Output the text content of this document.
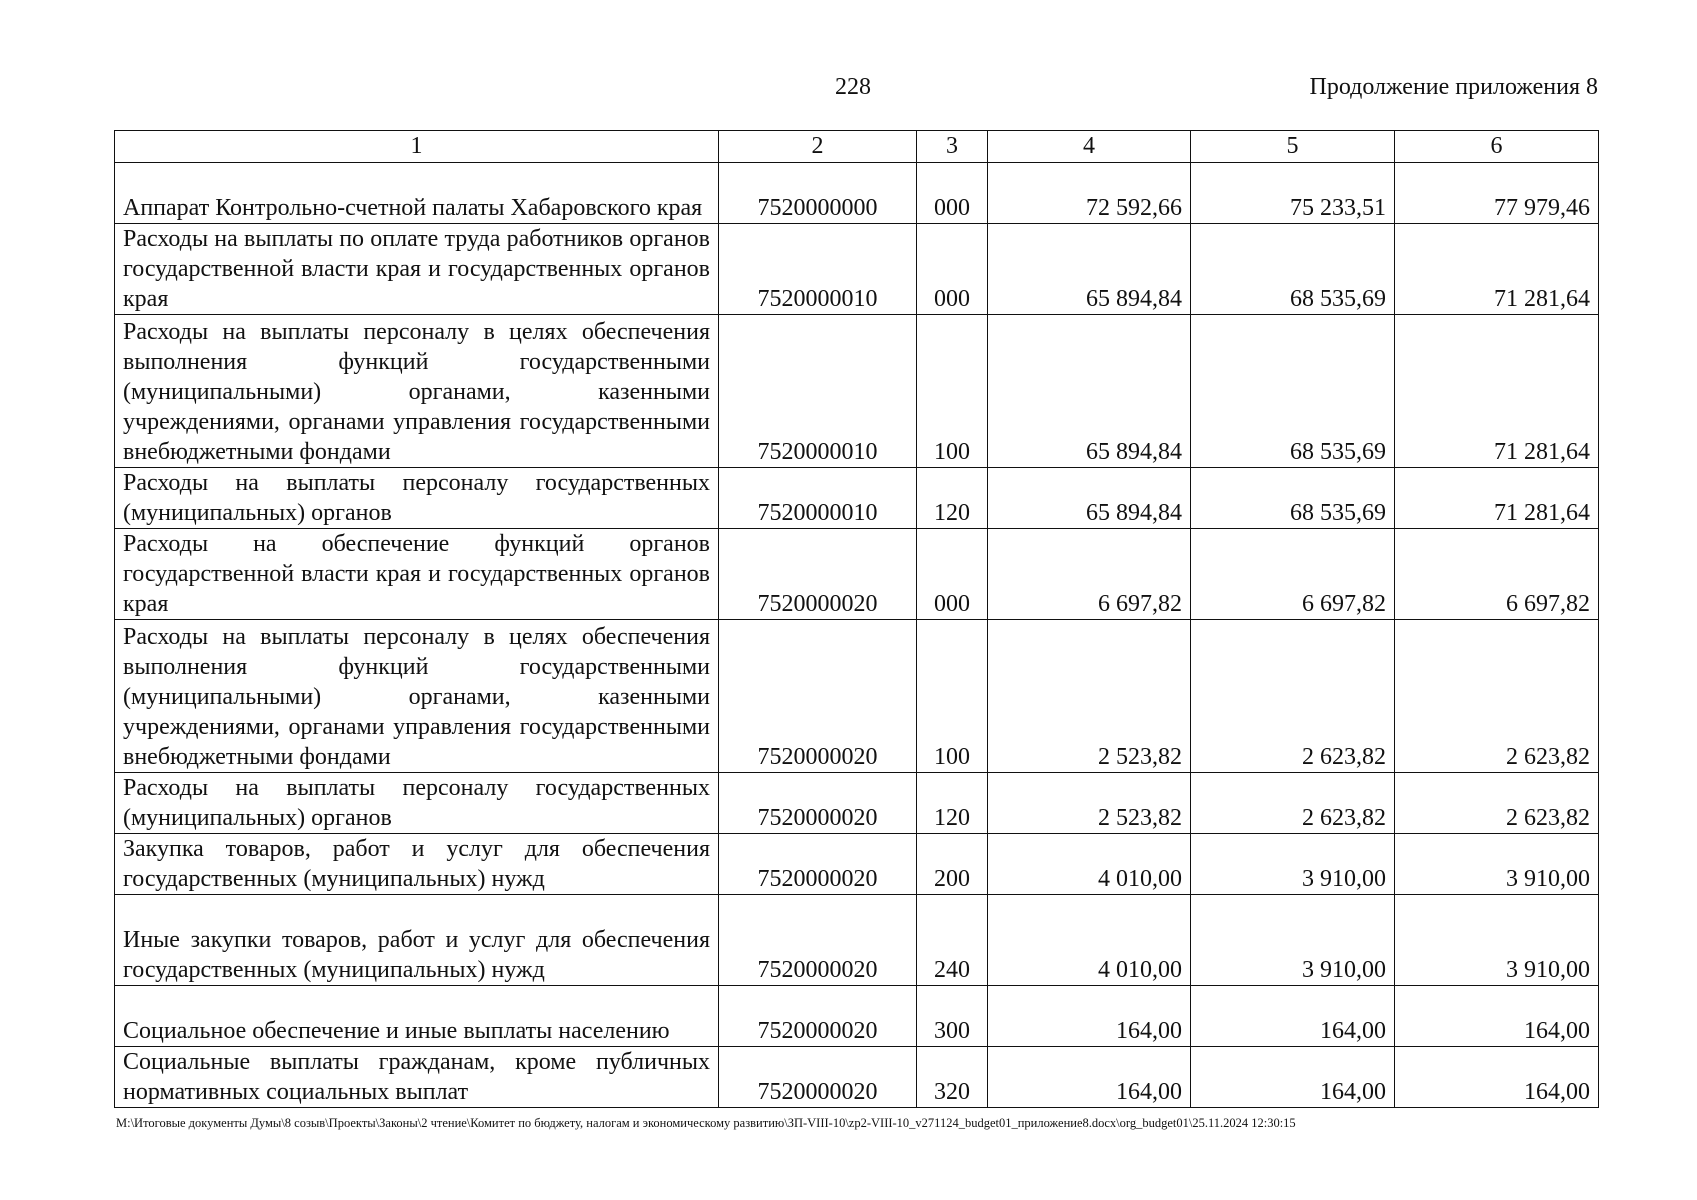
228	Продолжение приложения 8
1	2	3	4	5	6
Аппарат Контрольно-счетной палаты Хабаровского края	7520000000	000	72 592,66	75 233,51	77 979,46
Расходы на выплаты по оплате труда работников органов государственной власти края и государственных органов края	7520000010	000	65 894,84	68 535,69	71 281,64
Расходы на выплаты персоналу в целях обеспечения выполнения функций государственными (муниципальными) органами, казенными учреждениями, органами управления государственными внебюджетными фондами	7520000010	100	65 894,84	68 535,69	71 281,64
Расходы на выплаты персоналу государственных (муниципальных) органов	7520000010	120	65 894,84	68 535,69	71 281,64
Расходы на обеспечение функций органов государственной власти края и государственных органов края	7520000020	000	6 697,82	6 697,82	6 697,82
Расходы на выплаты персоналу в целях обеспечения выполнения функций государственными (муниципальными) органами, казенными учреждениями, органами управления государственными внебюджетными фондами	7520000020	100	2 523,82	2 623,82	2 623,82
Расходы на выплаты персоналу государственных (муниципальных) органов	7520000020	120	2 523,82	2 623,82	2 623,82
Закупка товаров, работ и услуг для обеспечения государственных (муниципальных) нужд	7520000020	200	4 010,00	3 910,00	3 910,00
Иные закупки товаров, работ и услуг для обеспечения государственных (муниципальных) нужд	7520000020	240	4 010,00	3 910,00	3 910,00
Социальное обеспечение и иные выплаты населению	7520000020	300	164,00	164,00	164,00
Социальные выплаты гражданам, кроме публичных нормативных социальных выплат	7520000020	320	164,00	164,00	164,00
M:\Итоговые документы Думы\8 созыв\Проекты\Законы\2 чтение\Комитет по бюджету, налогам и экономическому развитию\ЗП-VIII-10\zp2-VIII-10_v271124_budget01_приложение8.docx\org_budget01\25.11.2024 12:30:15
